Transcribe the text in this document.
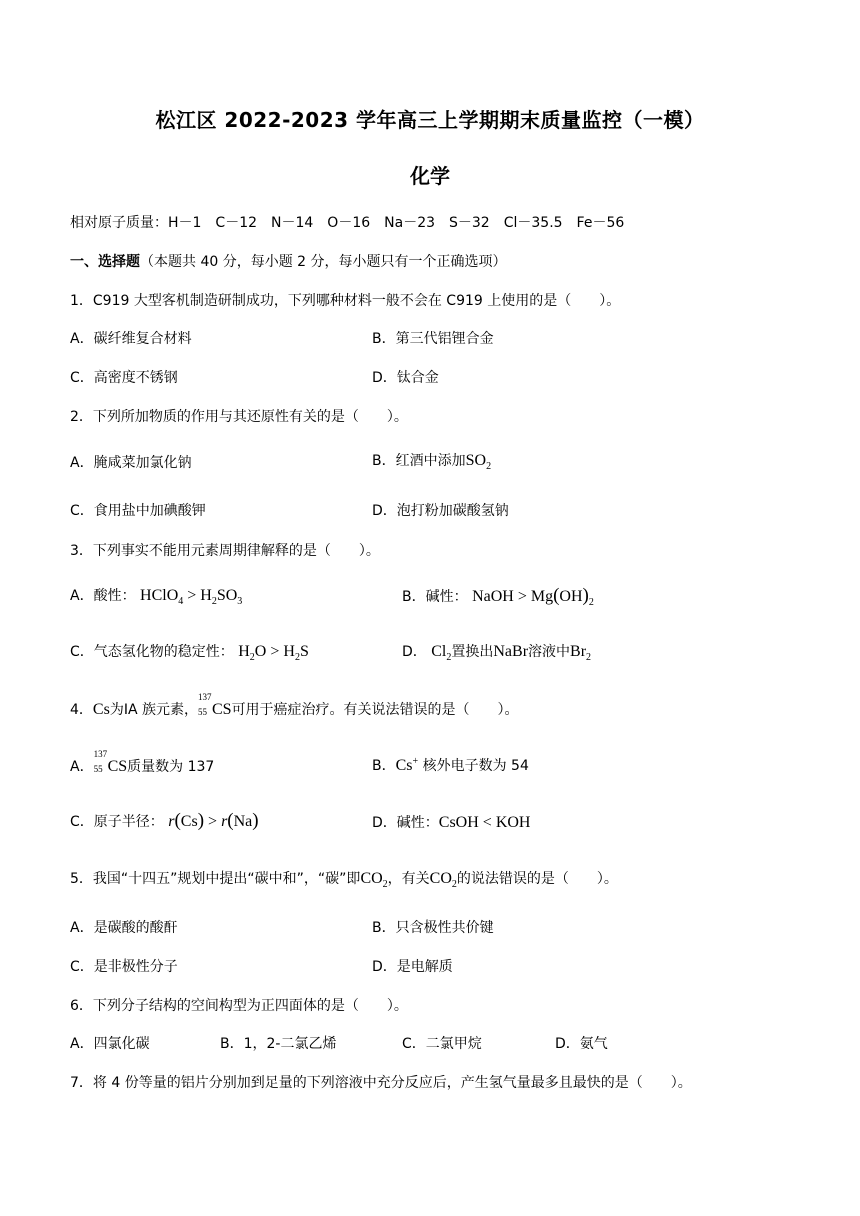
松江区 2022-2023 学年高三上学期期末质量监控（一模）
化学
相对原子质量：H－1　C－12　N－14　O－16　Na－23　S－32　Cl－35.5　Fe－56
一、选择题（本题共 40 分，每小题 2 分，每小题只有一个正确选项）
1．C919 大型客机制造研制成功，下列哪种材料一般不会在 C919 上使用的是（　　）。
A．碳纤维复合材料	B．第三代铝锂合金
C．高密度不锈钢	D．钛合金
2．下列所加物质的作用与其还原性有关的是（　　）。
A．腌咸菜加氯化钠	B．红酒中添加$SO_2$
C．食用盐中加碘酸钾	D．泡打粉加碳酸氢钠
3．下列事实不能用元素周期律解释的是（　　）。
A．酸性： HClO$_4$ > $H_2SO_3$	B．碱性： NaOH > $Mg(OH)_2$
C．气态氢化物的稳定性： $H_2O > H_2S$	D． $Cl_2$置换出NaBr溶液中$Br_2$
4．Cs为ⅠA 族元素，
137
55 CS可用于癌症治疗。有关说法错误的是（　　）。
A．
137
55 CS质量数为 137	B．Cs+ 核外电子数为 54
C．原子半径： r(Cs) > r(Na)	D．碱性：CsOH < KOH
5．我国“十四五”规划中提出“碳中和”，“碳”即$CO_2$，有关$CO_2$的说法错误的是（　　）。
A．是碳酸的酸酐	B．只含极性共价键
C．是非极性分子	D．是电解质
6．下列分子结构的空间构型为正四面体的是（　　）。
A．四氯化碳	B．1，2-二氯乙烯	C．二氯甲烷	D．氨气
7．将 4 份等量的铝片分别加到足量的下列溶液中充分反应后，产生氢气量最多且最快的是（　　）。
